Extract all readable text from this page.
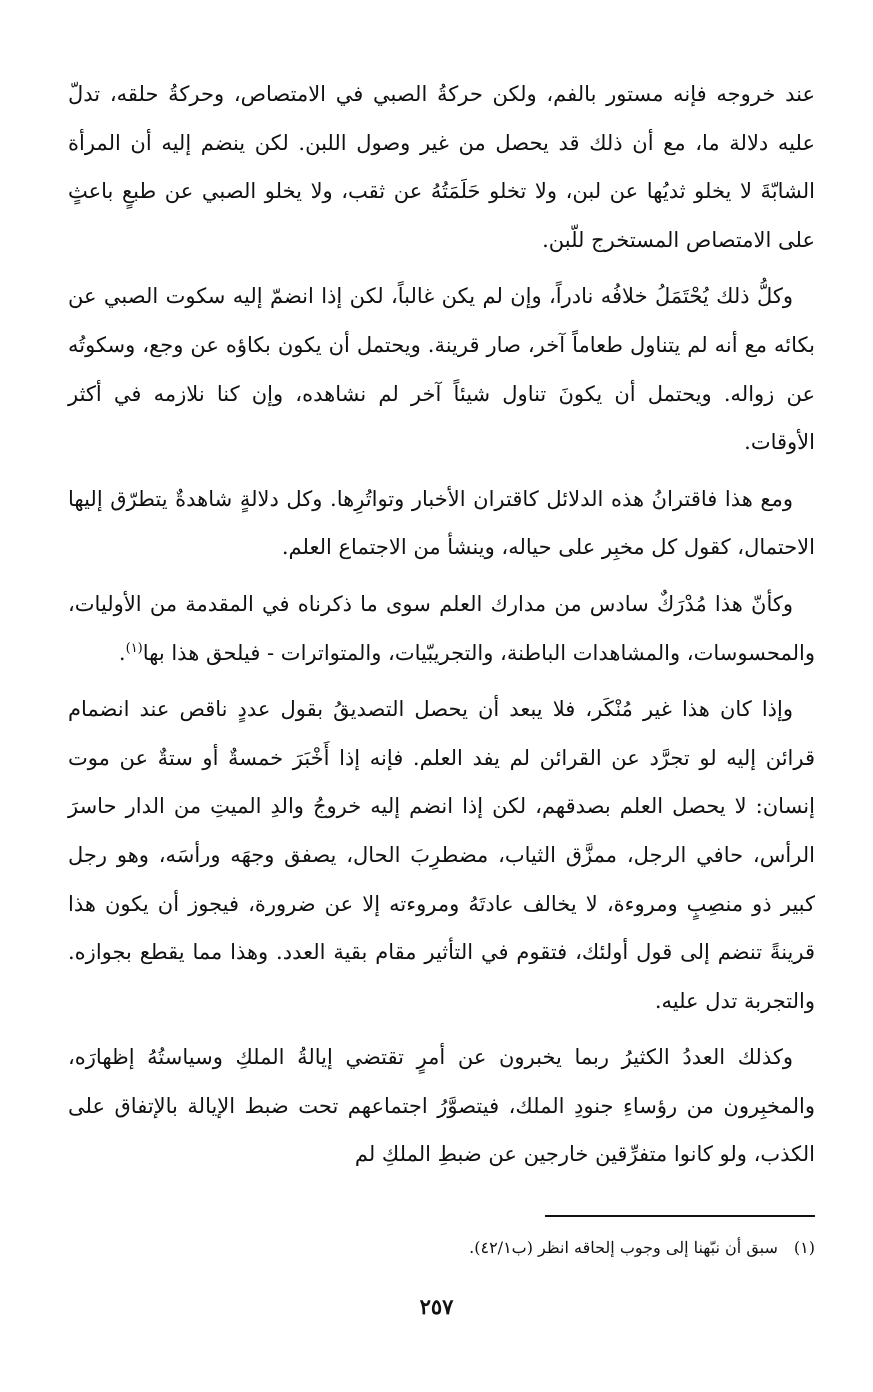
عند خروجه فإنه مستور بالفم، ولكن حركةُ الصبي في الامتصاص، وحركةُ حلقه، تدلّ عليه دلالة ما، مع أن ذلك قد يحصل من غير وصول اللبن. لكن ينضم إليه أن المرأة الشابّةَ لا يخلو ثديُها عن لبن، ولا تخلو حَلَمَتُهُ عن ثقب، ولا يخلو الصبي عن طبعٍ باعثٍ على الامتصاص المستخرج للّبن.

وكلُّ ذلك يُحْتَمَلُ خلافُه نادراً، وإن لم يكن غالباً، لكن إذا انضمّ إليه سكوت الصبي عن بكائه مع أنه لم يتناول طعاماً آخر، صار قرينة. ويحتمل أن يكون بكاؤه عن وجع، وسكوتُه عن زواله. ويحتمل أن يكونَ تناول شيئاً آخر لم نشاهده، وإن كنا نلازمه في أكثر الأوقات.

ومع هذا فاقترانُ هذه الدلائل كاقتران الأخبار وتواتُرِها. وكل دلالةٍ شاهدةٌ يتطرّق إليها الاحتمال، كقول كل مخبِر على حياله، وينشأ من الاجتماع العلم.

وكأنّ هذا مُدْرَكٌ سادس من مدارك العلم سوى ما ذكرناه في المقدمة من الأوليات، والمحسوسات، والمشاهدات الباطنة، والتجريبّيات، والمتواترات - فيلحق هذا بها$^{(١)}$.

وإذا كان هذا غير مُنْكَر، فلا يبعد أن يحصل التصديقُ بقول عددٍ ناقص عند انضمام قرائن إليه لو تجرَّد عن القرائن لم يفد العلم. فإنه إذا أَخْبَرَ خمسةٌ أو ستةٌ عن موت إنسان: لا يحصل العلم بصدقهم، لكن إذا انضم إليه خروجُ والدِ الميتِ من الدار حاسرَ الرأس، حافي الرجل، ممزَّق الثياب، مضطرِبَ الحال، يصفق وجهَه ورأسَه، وهو رجل كبير ذو منصِبٍ ومروءة، لا يخالف عادتَهُ ومروءته إلا عن ضرورة، فيجوز أن يكون هذا قرينةً تنضم إلى قول أولئك، فتقوم في التأثير مقام بقية العدد. وهذا مما يقطع بجوازه. والتجربة تدل عليه.

وكذلك العددُ الكثيرُ ربما يخبرون عن أمرٍ تقتضي إيالةُ الملكِ وسياستُهُ إظهارَه، والمخبِرون من رؤساءِ جنودِ الملك، فيتصوَّرُ اجتماعهم تحت ضبط الإيالة بالإتفاق على الكذب، ولو كانوا متفرِّقين خارجين عن ضبطِ الملكِ لم

(١)سبق أن نبّهنا إلى وجوب إلحاقه انظر (ب٤٢/١).
٢٥٧
